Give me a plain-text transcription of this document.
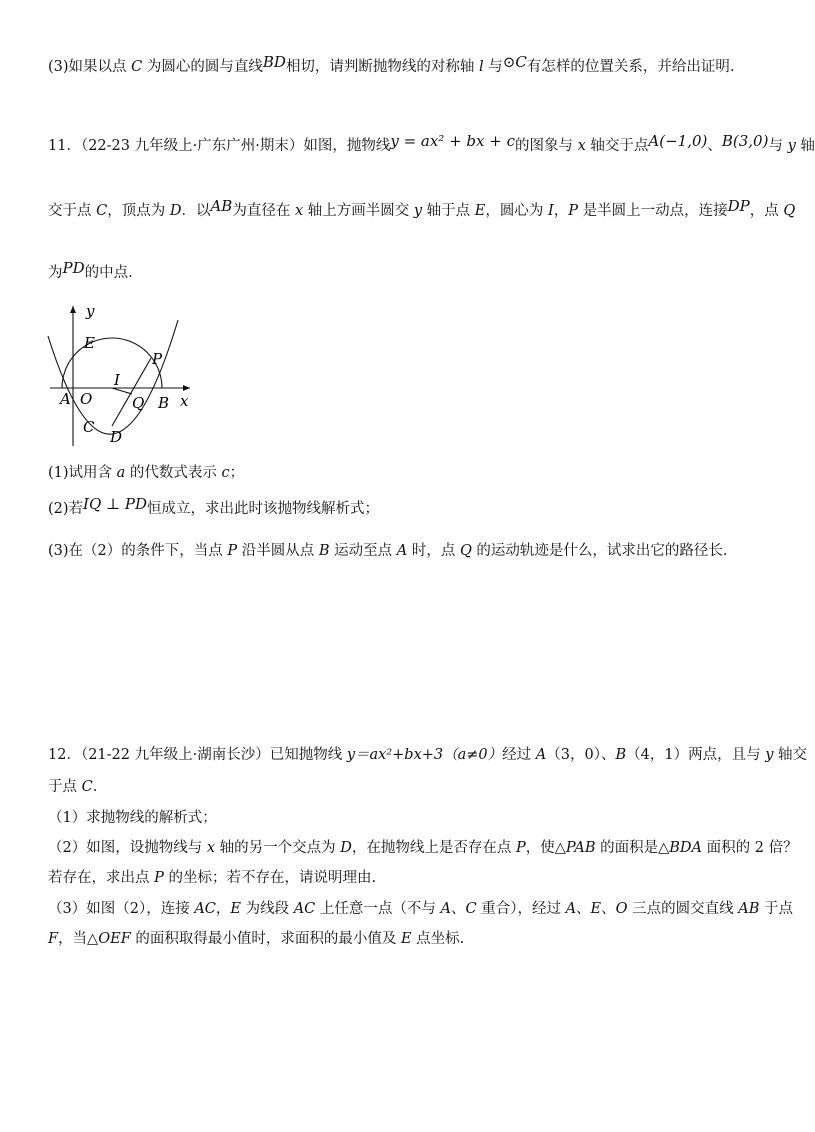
(3)如果以点 C 为圆心的圆与直线BD相切，请判断抛物线的对称轴 l 与⊙C有怎样的位置关系，并给出证明.
11．（22-23 九年级上·广东广州·期末）如图，抛物线y = ax² + bx + c的图象与 x 轴交于点A(−1,0)、B(3,0)与 y 轴
交于点 C，顶点为 D．以AB为直径在 x 轴上方画半圆交 y 轴于点 E，圆心为 I，P 是半圆上一动点，连接DP，点 Q
为PD的中点．
y
x
E
P
I
A O	Q B
C
D
(1)试用含 a 的代数式表示 c；
(2)若IQ ⊥ PD恒成立，求出此时该抛物线解析式；
(3)在（2）的条件下，当点 P 沿半圆从点 B 运动至点 A 时，点 Q 的运动轨迹是什么，试求出它的路径长.
12．（21-22 九年级上·湖南长沙）已知抛物线 y＝ax²+bx+3（a≠0）经过 A（3，0）、B（4，1）两点，且与 y 轴交
于点 C.
（1）求抛物线的解析式；
（2）如图，设抛物线与 x 轴的另一个交点为 D，在抛物线上是否存在点 P，使△PAB 的面积是△BDA 面积的 2 倍？
若存在，求出点 P 的坐标；若不存在，请说明理由.
（3）如图（2），连接 AC，E 为线段 AC 上任意一点（不与 A、C 重合），经过 A、E、O 三点的圆交直线 AB 于点
F，当△OEF 的面积取得最小值时，求面积的最小值及 E 点坐标.
